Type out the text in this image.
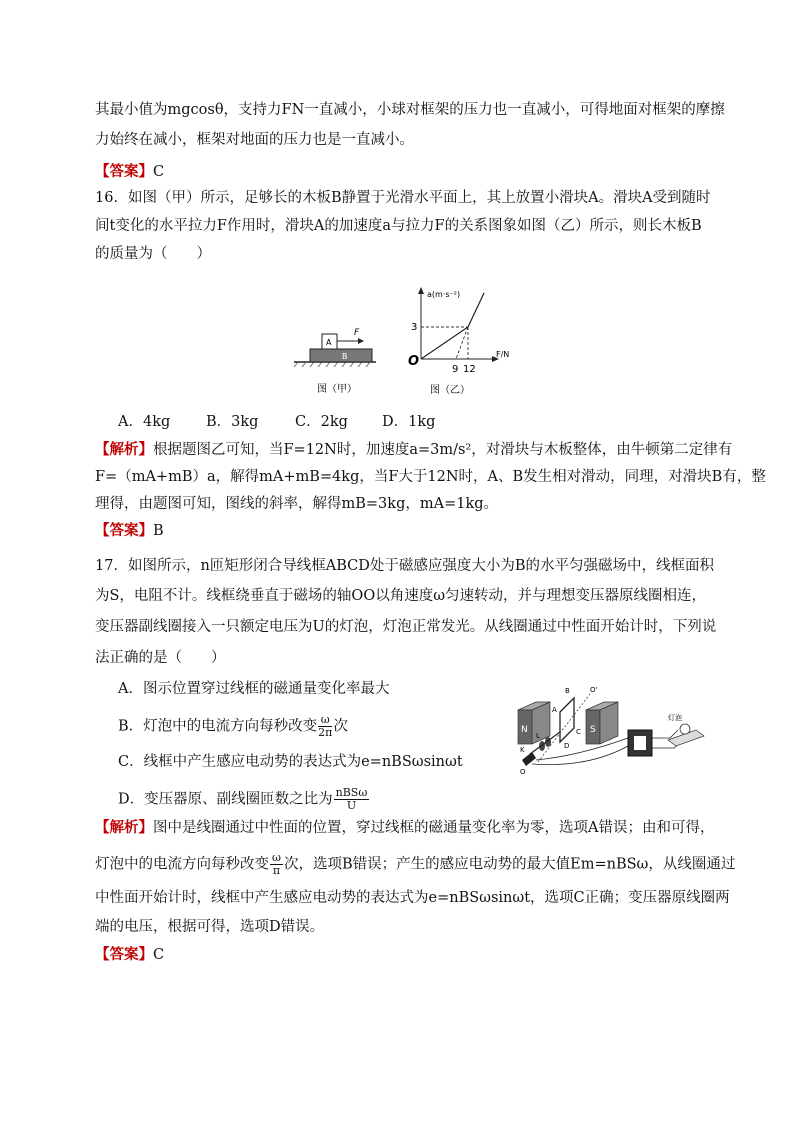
其最小值为mgcosθ，支持力FN一直减小，小球对框架的压力也一直减小，可得地面对框架的摩擦
力始终在减小，框架对地面的压力也是一直减小。
【答案】C
16．如图（甲）所示，足够长的木板B静置于光滑水平面上，其上放置小滑块A。滑块A受到随时
间t变化的水平拉力F作用时，滑块A的加速度a与拉力F的关系图象如图（乙）所示，则长木板B
的质量为（　　）
B
A
F
图（甲）
a(m·s⁻²)
F/N
3
O
9 12
图（乙）
A．4kg B．3kg	C．2kg D．1kg
【解析】根据题图乙可知，当F=12N时，加速度a=3m/s²，对滑块与木板整体，由牛顿第二定律有
F=（mA+mB）a，解得mA+mB=4kg，当F大于12N时，A、B发生相对滑动，同理，对滑块B有，整
理得，由题图可知，图线的斜率，解得mB=3kg，mA=1kg。
【答案】B
17．如图所示，n匝矩形闭合导线框ABCD处于磁感应强度大小为B的水平匀强磁场中，线框面积
为S，电阻不计。线框绕垂直于磁场的轴OO以角速度ω匀速转动，并与理想变压器原线圈相连，
变压器副线圈接入一只额定电压为U的灯泡，灯泡正常发光。从线圈通过中性面开始计时，下列说
法正确的是（　　）
A．图示位置穿过线框的磁通量变化率最大
B．灯泡中的电流方向每秒改变 $\frac{\omega}{2\pi}$ 次
C．线框中产生感应电动势的表达式为e=nBSωsinωt
D．变压器原、副线圈匝数之比为 $\frac{\text{nBSω}}{U}$
N	S
B
A
C
D
O'
K
L
O
灯泡
【解析】图中是线圈通过中性面的位置，穿过线框的磁通量变化率为零，选项A错误；由和可得，
灯泡中的电流方向每秒改变 $\frac{\omega}{\pi}$ 次，选项B错误；产生的感应电动势的最大值Em=nBSω，从线圈通过
中性面开始计时，线框中产生感应电动势的表达式为e=nBSωsinωt，选项C正确；变压器原线圈两
端的电压，根据可得，选项D错误。
【答案】C
